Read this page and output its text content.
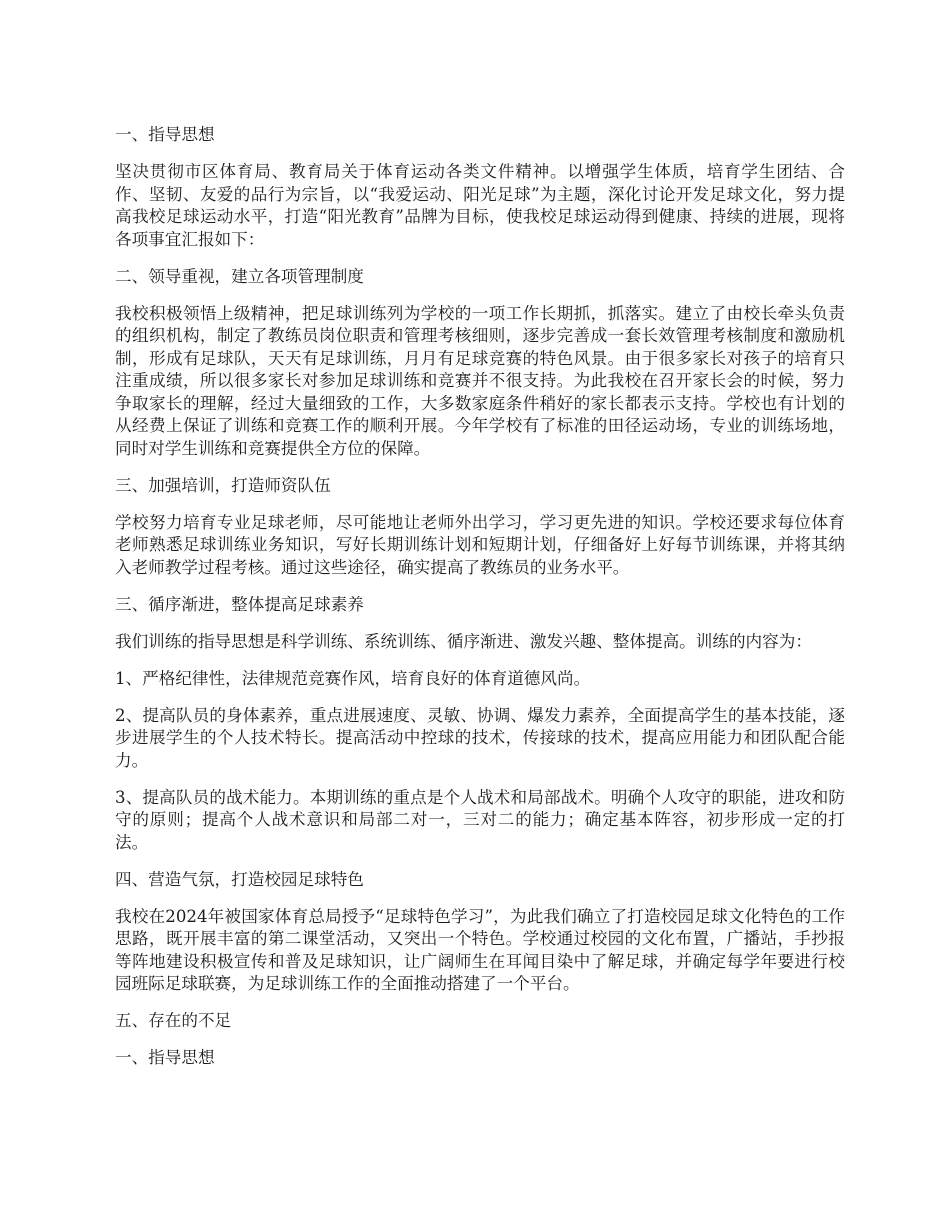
一、指导思想

坚决贯彻市区体育局、教育局关于体育运动各类文件精神。以增强学生体质，培育学生团结、合作、坚韧、友爱的品行为宗旨，以“我爱运动、阳光足球”为主题，深化讨论开发足球文化，努力提高我校足球运动水平，打造“阳光教育”品牌为目标，使我校足球运动得到健康、持续的进展，现将各项事宜汇报如下：

二、领导重视，建立各项管理制度

我校积极领悟上级精神，把足球训练列为学校的一项工作长期抓，抓落实。建立了由校长牵头负责的组织机构，制定了教练员岗位职责和管理考核细则，逐步完善成一套长效管理考核制度和激励机制，形成有足球队，天天有足球训练，月月有足球竞赛的特色风景。由于很多家长对孩子的培育只注重成绩，所以很多家长对参加足球训练和竞赛并不很支持。为此我校在召开家长会的时候，努力争取家长的理解，经过大量细致的工作，大多数家庭条件稍好的家长都表示支持。学校也有计划的从经费上保证了训练和竞赛工作的顺利开展。今年学校有了标准的田径运动场，专业的训练场地，同时对学生训练和竞赛提供全方位的保障。

三、加强培训，打造师资队伍

学校努力培育专业足球老师，尽可能地让老师外出学习，学习更先进的知识。学校还要求每位体育老师熟悉足球训练业务知识，写好长期训练计划和短期计划，仔细备好上好每节训练课，并将其纳入老师教学过程考核。通过这些途径，确实提高了教练员的业务水平。

三、循序渐进，整体提高足球素养

我们训练的指导思想是科学训练、系统训练、循序渐进、激发兴趣、整体提高。训练的内容为：

1、严格纪律性，法律规范竞赛作风，培育良好的体育道德风尚。

2、提高队员的身体素养，重点进展速度、灵敏、协调、爆发力素养，全面提高学生的基本技能，逐步进展学生的个人技术特长。提高活动中控球的技术，传接球的技术，提高应用能力和团队配合能力。

3、提高队员的战术能力。本期训练的重点是个人战术和局部战术。明确个人攻守的职能，进攻和防守的原则；提高个人战术意识和局部二对一，三对二的能力；确定基本阵容，初步形成一定的打法。

四、营造气氛，打造校园足球特色

我校在2024年被国家体育总局授予“足球特色学习”，为此我们确立了打造校园足球文化特色的工作思路，既开展丰富的第二课堂活动，又突出一个特色。学校通过校园的文化布置，广播站，手抄报等阵地建设积极宣传和普及足球知识，让广阔师生在耳闻目染中了解足球，并确定每学年要进行校园班际足球联赛，为足球训练工作的全面推动搭建了一个平台。

五、存在的不足

一、指导思想
